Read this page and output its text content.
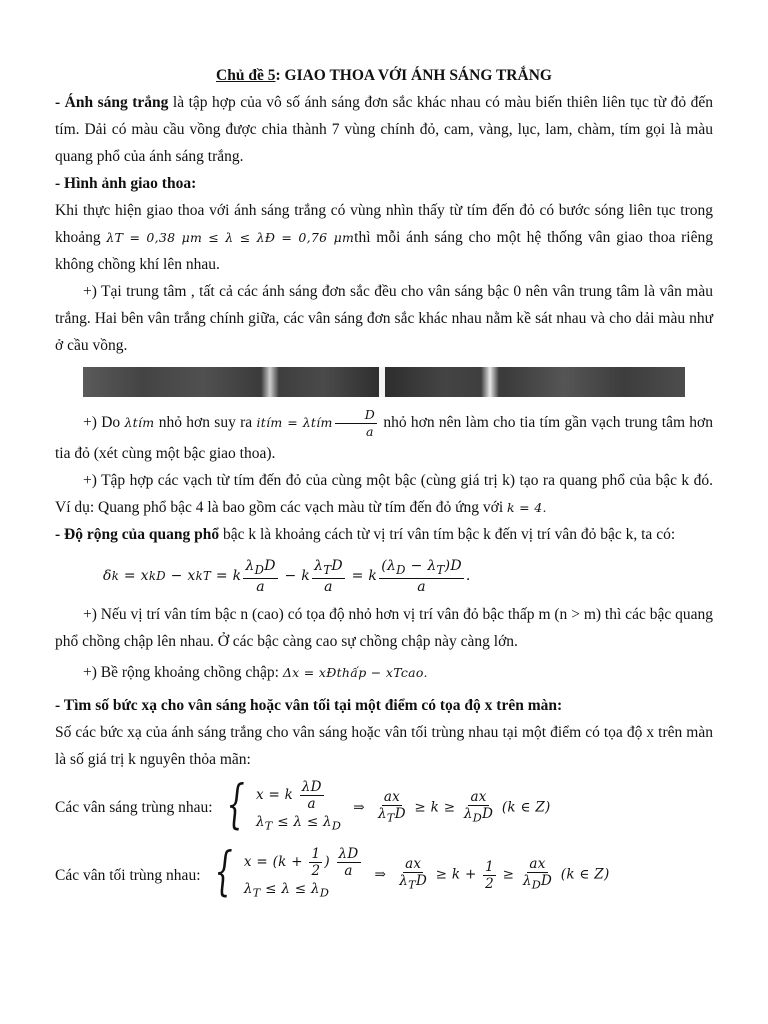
Chủ đề 5: GIAO THOA VỚI ÁNH SÁNG TRẮNG

- Ánh sáng trắng là tập hợp của vô số ánh sáng đơn sắc khác nhau có màu biến thiên liên tục từ đỏ đến tím. Dải có màu cầu vồng được chia thành 7 vùng chính đỏ, cam, vàng, lục, lam, chàm, tím gọi là màu quang phổ của ánh sáng trắng.

- Hình ảnh giao thoa:

Khi thực hiện giao thoa với ánh sáng trắng có vùng nhìn thấy từ tím đến đỏ có bước sóng liên tục trong khoảng λT = 0,38 μm ≤ λ ≤ λĐ = 0,76 μmthì mỗi ánh sáng cho một hệ thống vân giao thoa riêng không chồng khí lên nhau.

+) Tại trung tâm , tất cả các ánh sáng đơn sắc đều cho vân sáng bậc 0 nên vân trung tâm là vân màu trắng. Hai bên vân trắng chính giữa, các vân sáng đơn sắc khác nhau nằm kề sát nhau và cho dải màu như ở cầu vồng.

+) Do λtím nhỏ hơn suy ra itím = λtím $\frac{D}{a}$ nhỏ hơn nên làm cho tia tím gần vạch trung tâm hơn tia đỏ (xét cùng một bậc giao thoa).

+) Tập hợp các vạch từ tím đến đỏ của cùng một bậc (cùng giá trị k) tạo ra quang phổ của bậc k đó. Ví dụ: Quang phổ bậc 4 là bao gồm các vạch màu từ tím đến đỏ ứng với k = 4.

- Độ rộng của quang phổ bậc k là khoảng cách từ vị trí vân tím bậc k đến vị trí vân đỏ bậc k, ta có:

δ k = x k D − x k T = k $\frac{\lambda_DD}{a} - k \frac{\lambda_TD}{a} = k \frac{(\lambda_D - \lambda_T)D}{a}$ .

+) Nếu vị trí vân tím bậc n (cao) có tọa độ nhỏ hơn vị trí vân đỏ bậc thấp m (n > m) thì các bậc quang phổ chồng chập lên nhau. Ở các bậc càng cao sự chồng chập này càng lớn.

+) Bề rộng khoảng chồng chập: Δx = xĐthấp − xTcao.

- Tìm số bức xạ cho vân sáng hoặc vân tối tại một điểm có tọa độ x trên màn:

Số các bức xạ của ánh sáng trắng cho vân sáng hoặc vân tối trùng nhau tại một điểm có tọa độ x trên màn là số giá trị k nguyên thỏa mãn:

Các vân sáng trùng nhau: { x = k $\frac{\lambda D}{a}$
$\lambda_T \le \lambda \le \lambda_D$
⇒ $\frac{ax}{\lambda_TD} \ge k \ge \frac{ax}{\lambda_DD} (k$ ∈ Z)
Các vân tối trùng nhau: { $x = (k + \frac{1}{2}$ ) $\frac{\lambda D}{a}$
$\lambda_T \le \lambda \le \lambda_D$
⇒ $\frac{ax}{\lambda_TD} \ge k + \frac{1}{2} \ge \frac{ax}{\lambda_DD} (k$ ∈ Z)
